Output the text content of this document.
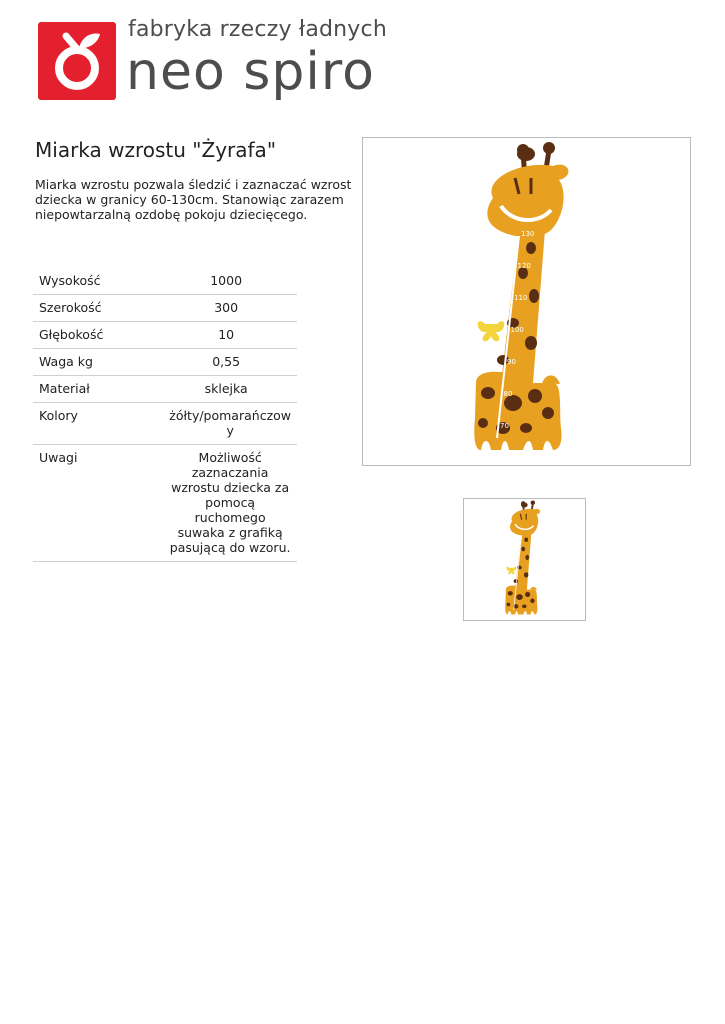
fabryka rzeczy ładnych
neo spiro
Miarka wzrostu "Żyrafa"
Miarka wzrostu pozwala śledzić i zaznaczać wzrost dziecka w granicy 60-130cm. Stanowiąc zarazem niepowtarzalną ozdobę pokoju dziecięcego.
Wysokość	1000
Szerokość	300
Głębokość	10
Waga kg	0,55
Materiał	sklejka
Kolory	żółty/pomarańczow
y
Uwagi	Możliwość zaznaczania wzrostu dziecka za pomocą ruchomego suwaka z grafiką pasującą do wzoru.
130
120
110
100
90
80
70
